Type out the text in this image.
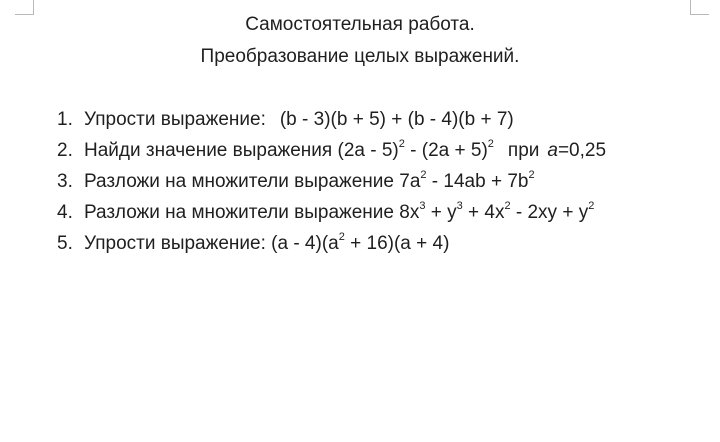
Самостоятельная работа.
Преобразование целых выражений.
1. Упрости выражение: (b - 3)(b + 5) + (b - 4)(b + 7)
2. Найди значение выражения $(2a - 5)^2 - (2a + 5)^2$ при a=0,25
3. Разложи на множители выражение $7a^2 - 14ab + 7b^2$
4. Разложи на множители выражение $8x^3 + y^3 + 4x^2 - 2xy + y^2$
5. Упрости выражение: $(a - 4)(a^2 + 16)(a + 4)$
